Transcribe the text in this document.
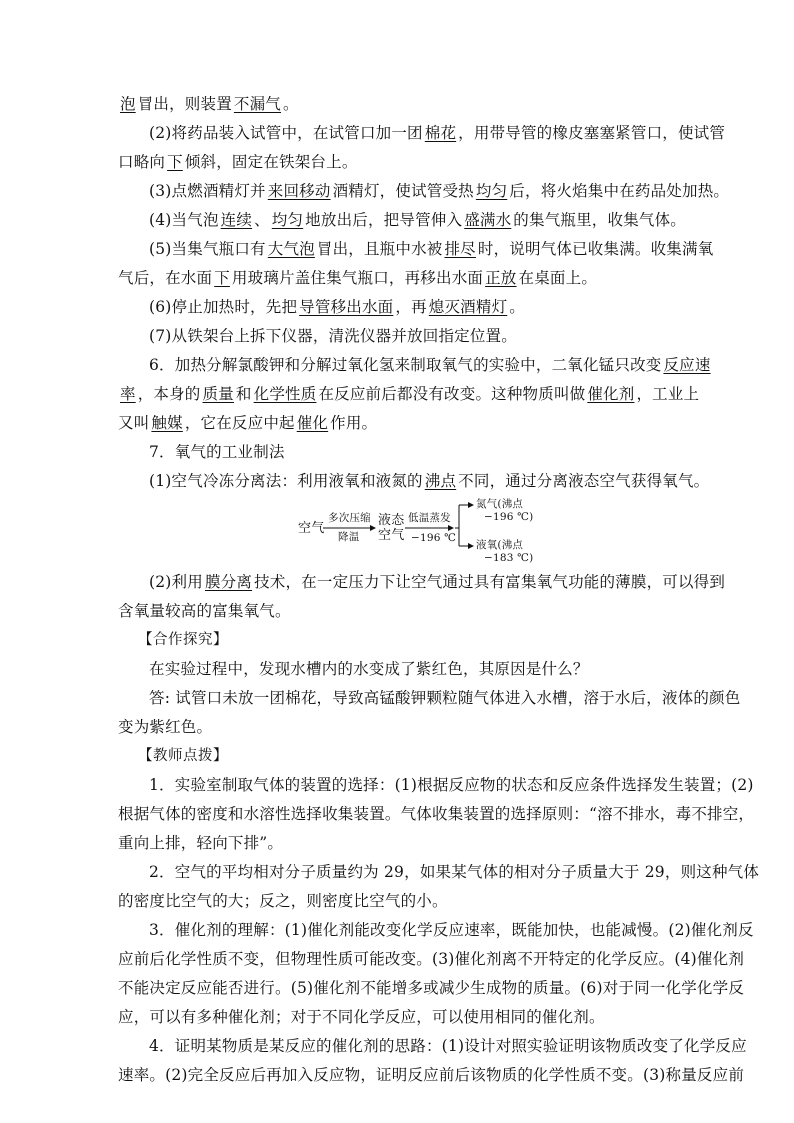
泡 冒出，则装置 不漏气 。
(2)将药品装入试管中，在试管口加一团 棉花 ，用带导管的橡皮塞塞紧管口，使试管
口略向 下 倾斜，固定在铁架台上。
(3)点燃酒精灯并 来回移动 酒精灯，使试管受热 均匀 后，将火焰集中在药品处加热。
(4)当气泡 连续 、 均匀 地放出后，把导管伸入 盛满水 的集气瓶里，收集气体。
(5)当集气瓶口有 大气泡 冒出，且瓶中水被 排尽 时，说明气体已收集满。收集满氧
气后，在水面 下 用玻璃片盖住集气瓶口，再移出水面 正放 在桌面上。
(6)停止加热时，先把 导管移出水面 ，再 熄灭酒精灯 。
(7)从铁架台上拆下仪器，清洗仪器并放回指定位置。
6．加热分解氯酸钾和分解过氧化氢来制取氧气的实验中，二氧化锰只改变 反应速
率 ，本身的 质量 和 化学性质 在反应前后都没有改变。这种物质叫做 催化剂 ，工业上
又叫 触媒 ，它在反应中起 催化 作用。
7．氧气的工业制法
(1)空气冷冻分离法：利用液氧和液氮的 沸点 不同，通过分离液态空气获得氧气。
空气
多次压缩
降温
液态
空气
低温蒸发
−196 ℃
氮气(沸点
−196 ℃)
液氧(沸点
−183 ℃)
(2)利用 膜分离 技术，在一定压力下让空气通过具有富集氧气功能的薄膜，可以得到
含氧量较高的富集氧气。
【合作探究】
在实验过程中，发现水槽内的水变成了紫红色，其原因是什么？
答: 试管口未放一团棉花，导致高锰酸钾颗粒随气体进入水槽，溶于水后，液体的颜色
变为紫红色。
【教师点拨】
1．实验室制取气体的装置的选择：(1)根据反应物的状态和反应条件选择发生装置；(2)
根据气体的密度和水溶性选择收集装置。气体收集装置的选择原则：“溶不排水，毒不排空，
重向上排，轻向下排”。
2．空气的平均相对分子质量约为 29，如果某气体的相对分子质量大于 29，则这种气体
的密度比空气的大；反之，则密度比空气的小。
3．催化剂的理解：(1)催化剂能改变化学反应速率，既能加快，也能减慢。(2)催化剂反
应前后化学性质不变，但物理性质可能改变。(3)催化剂离不开特定的化学反应。(4)催化剂
不能决定反应能否进行。(5)催化剂不能增多或减少生成物的质量。(6)对于同一化学化学反
应，可以有多种催化剂；对于不同化学反应，可以使用相同的催化剂。
4．证明某物质是某反应的催化剂的思路：(1)设计对照实验证明该物质改变了化学反应
速率。(2)完全反应后再加入反应物，证明反应前后该物质的化学性质不变。(3)称量反应前
